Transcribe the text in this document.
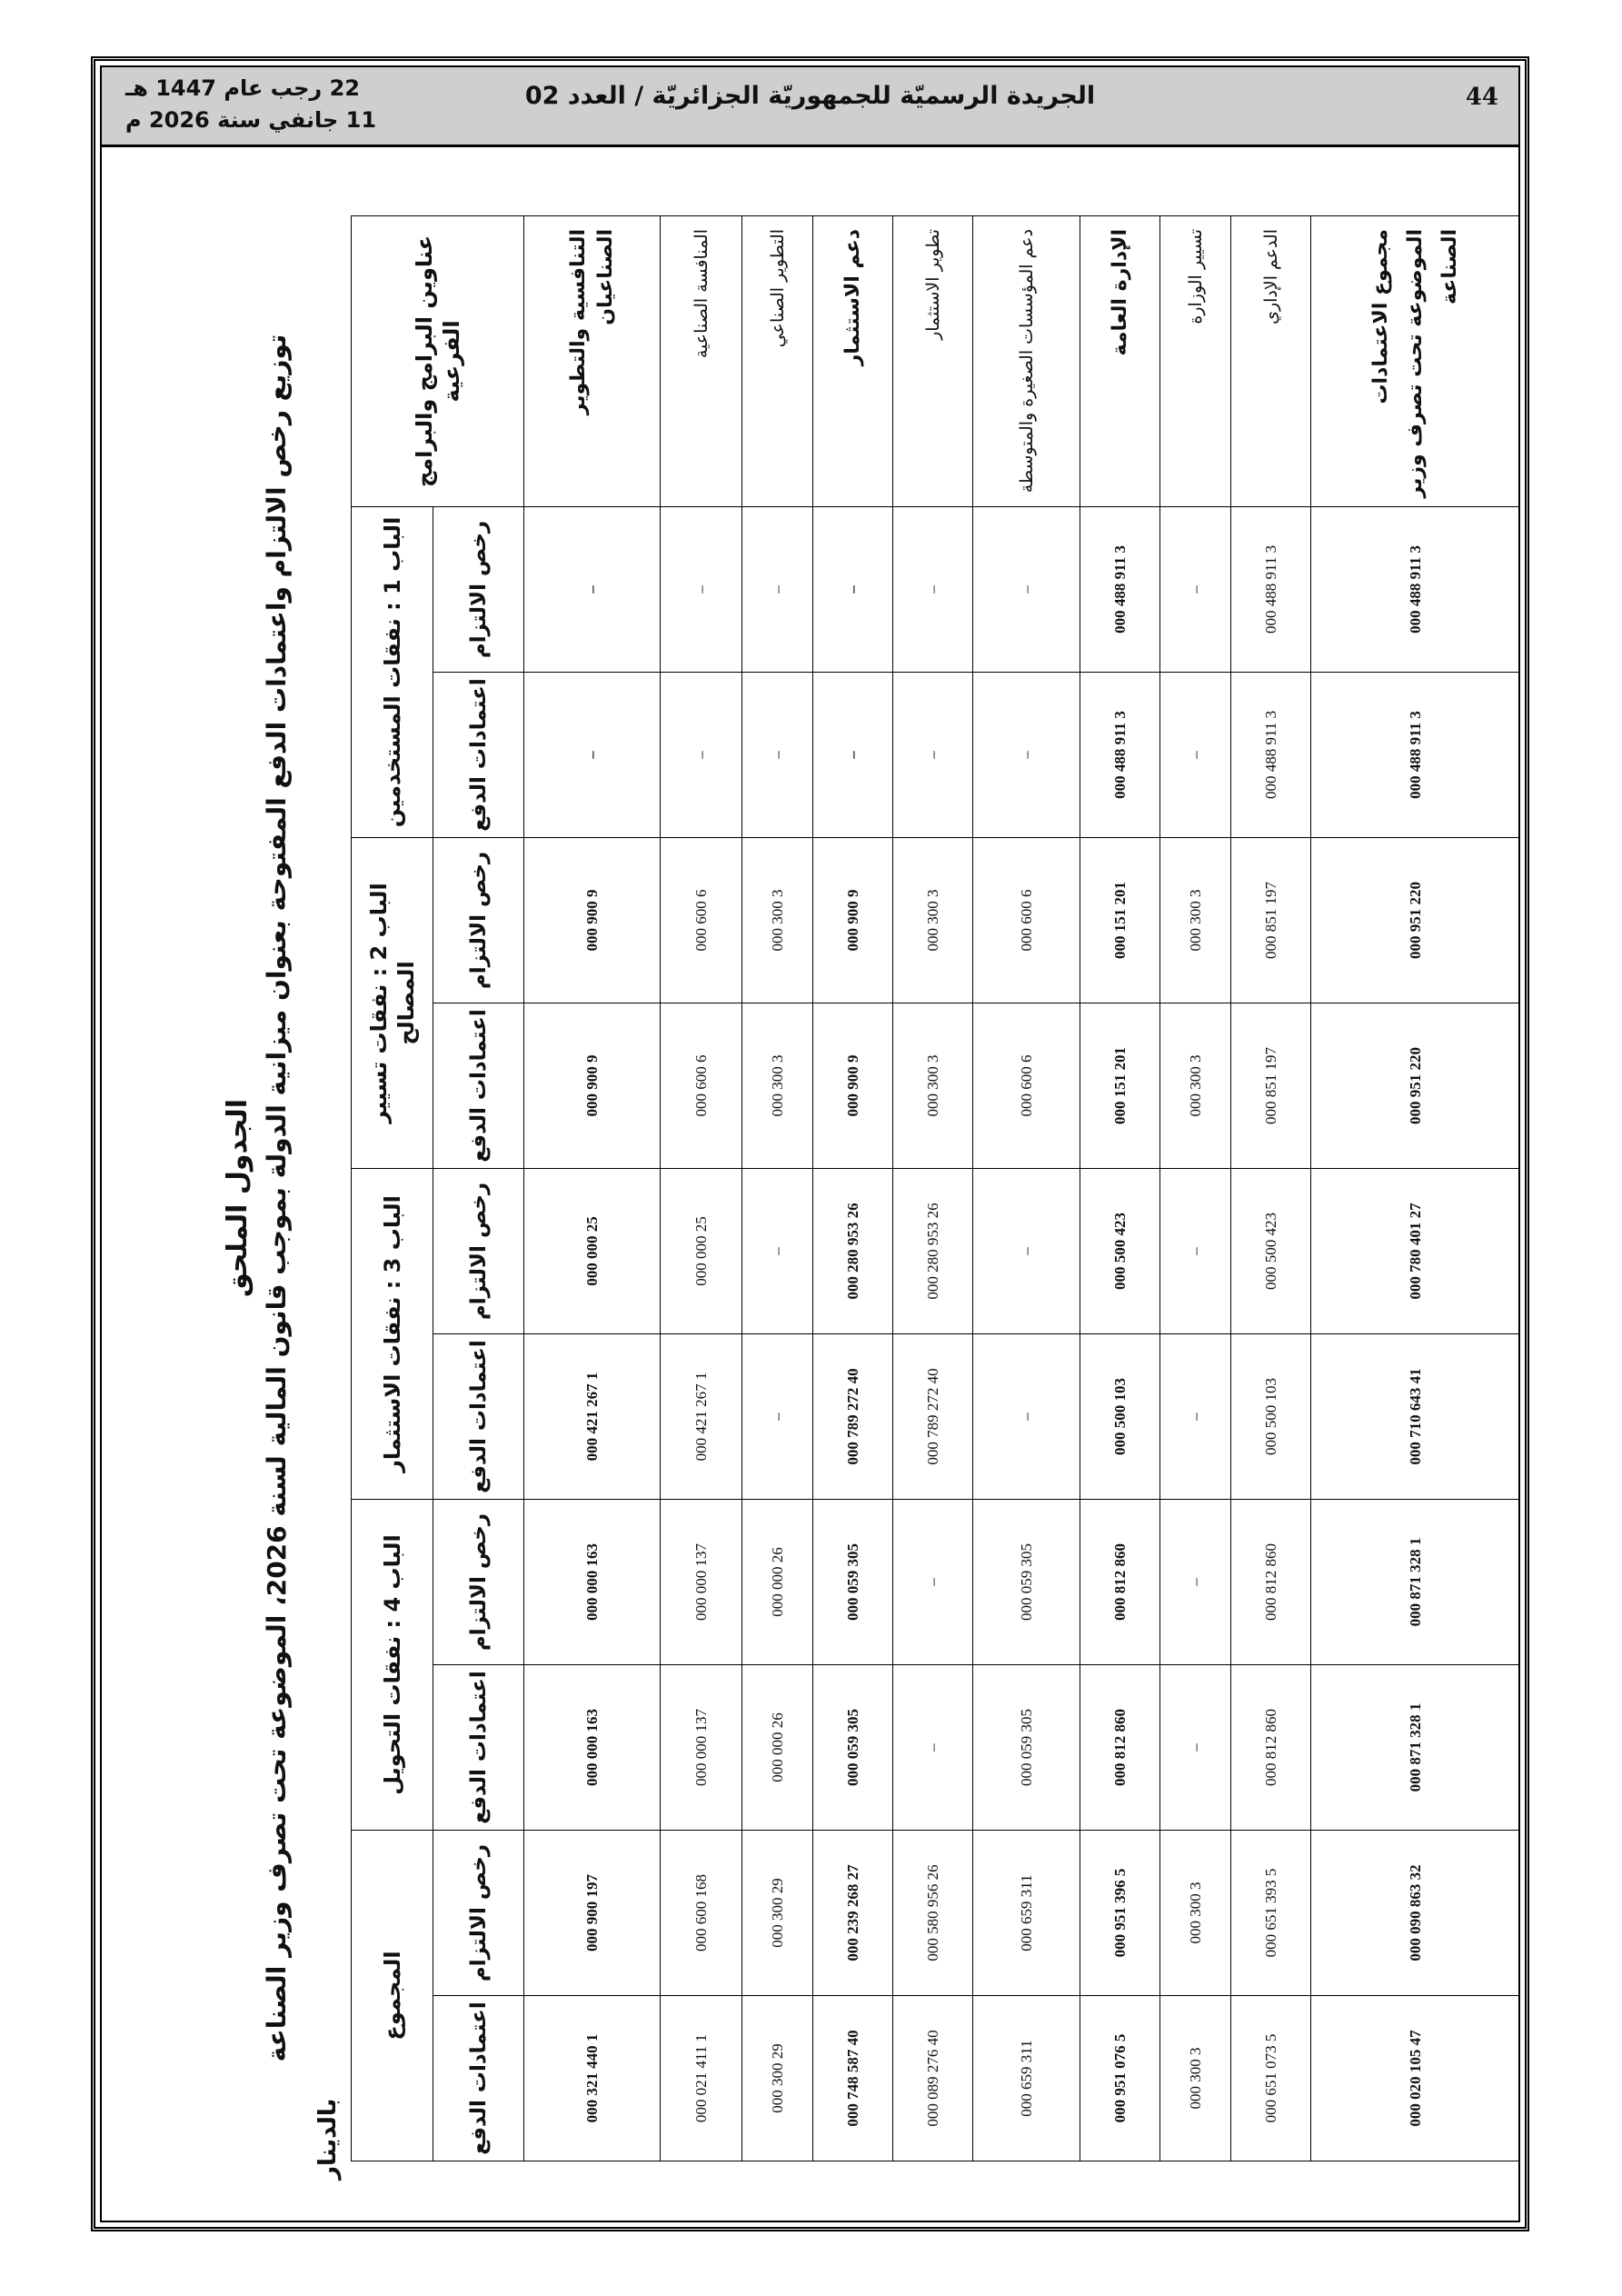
44
الجريدة الرسميّة للجمهوريّة الجزائريّة / العدد 02
22 رجب عام 1447 هـ
11 جانفي سنة 2026 م
الجدول الملحق
توزيع رخص الالتزام واعتمادات الدفع المفتوحة بعنوان ميزانية الدولة بموجب قانون المالية لسنة 2026، الموضوعة تحت تصرف وزير الصناعة
بالدينار
عناوين البرامج والبرامج الفرعية	الباب 1 : نفقات المستخدمين		الباب 2 : نفقات تسيير المصالح		الباب 3 : نفقات الاستثمار		الباب 4 : نفقات التحويل		المجموع	
	رخص الالتزام	اعتمادات الدفع	رخص الالتزام	اعتمادات الدفع	رخص الالتزام	اعتمادات الدفع	رخص الالتزام	اعتمادات الدفع	رخص الالتزام	اعتمادات الدفع
التنافسية والتطوير الصناعيان	–	–	9 900 000	9 900 000	25 000 000	1 267 421 000	163 000 000	163 000 000	197 900 000	1 440 321 000
المنافسة الصناعية	–	–	6 600 000	6 600 000	25 000 000	1 267 421 000	137 000 000	137 000 000	168 600 000	1 411 021 000
التطوير الصناعي	–	–	3 300 000	3 300 000	–	–	26 000 000	26 000 000	29 300 000	29 300 000
دعم الاستثمار	–	–	9 900 000	9 900 000	26 953 280 000	40 272 789 000	305 059 000	305 059 000	27 268 239 000	40 587 748 000
تطوير الاستثمار	–	–	3 300 000	3 300 000	26 953 280 000	40 272 789 000	–	–	26 956 580 000	40 276 089 000
دعم المؤسسات الصغيرة والمتوسطة	–	–	6 600 000	6 600 000	–	–	305 059 000	305 059 000	311 659 000	311 659 000
الإدارة العامة	3 911 488 000	3 911 488 000	201 151 000	201 151 000	423 500 000	103 500 000	860 812 000	860 812 000	5 396 951 000	5 076 951 000
تسيير الوزارة	–	–	3 300 000	3 300 000	–	–	–	–	3 300 000	3 300 000
الدعم الإداري	3 911 488 000	3 911 488 000	197 851 000	197 851 000	423 500 000	103 500 000	860 812 000	860 812 000	5 393 651 000	5 073 651 000
مجموع الاعتمادات الموضوعة تحت تصرف وزير الصناعة	3 911 488 000	3 911 488 000	220 951 000	220 951 000	27 401 780 000	41 643 710 000	1 328 871 000	1 328 871 000	32 863 090 000	47 105 020 000
